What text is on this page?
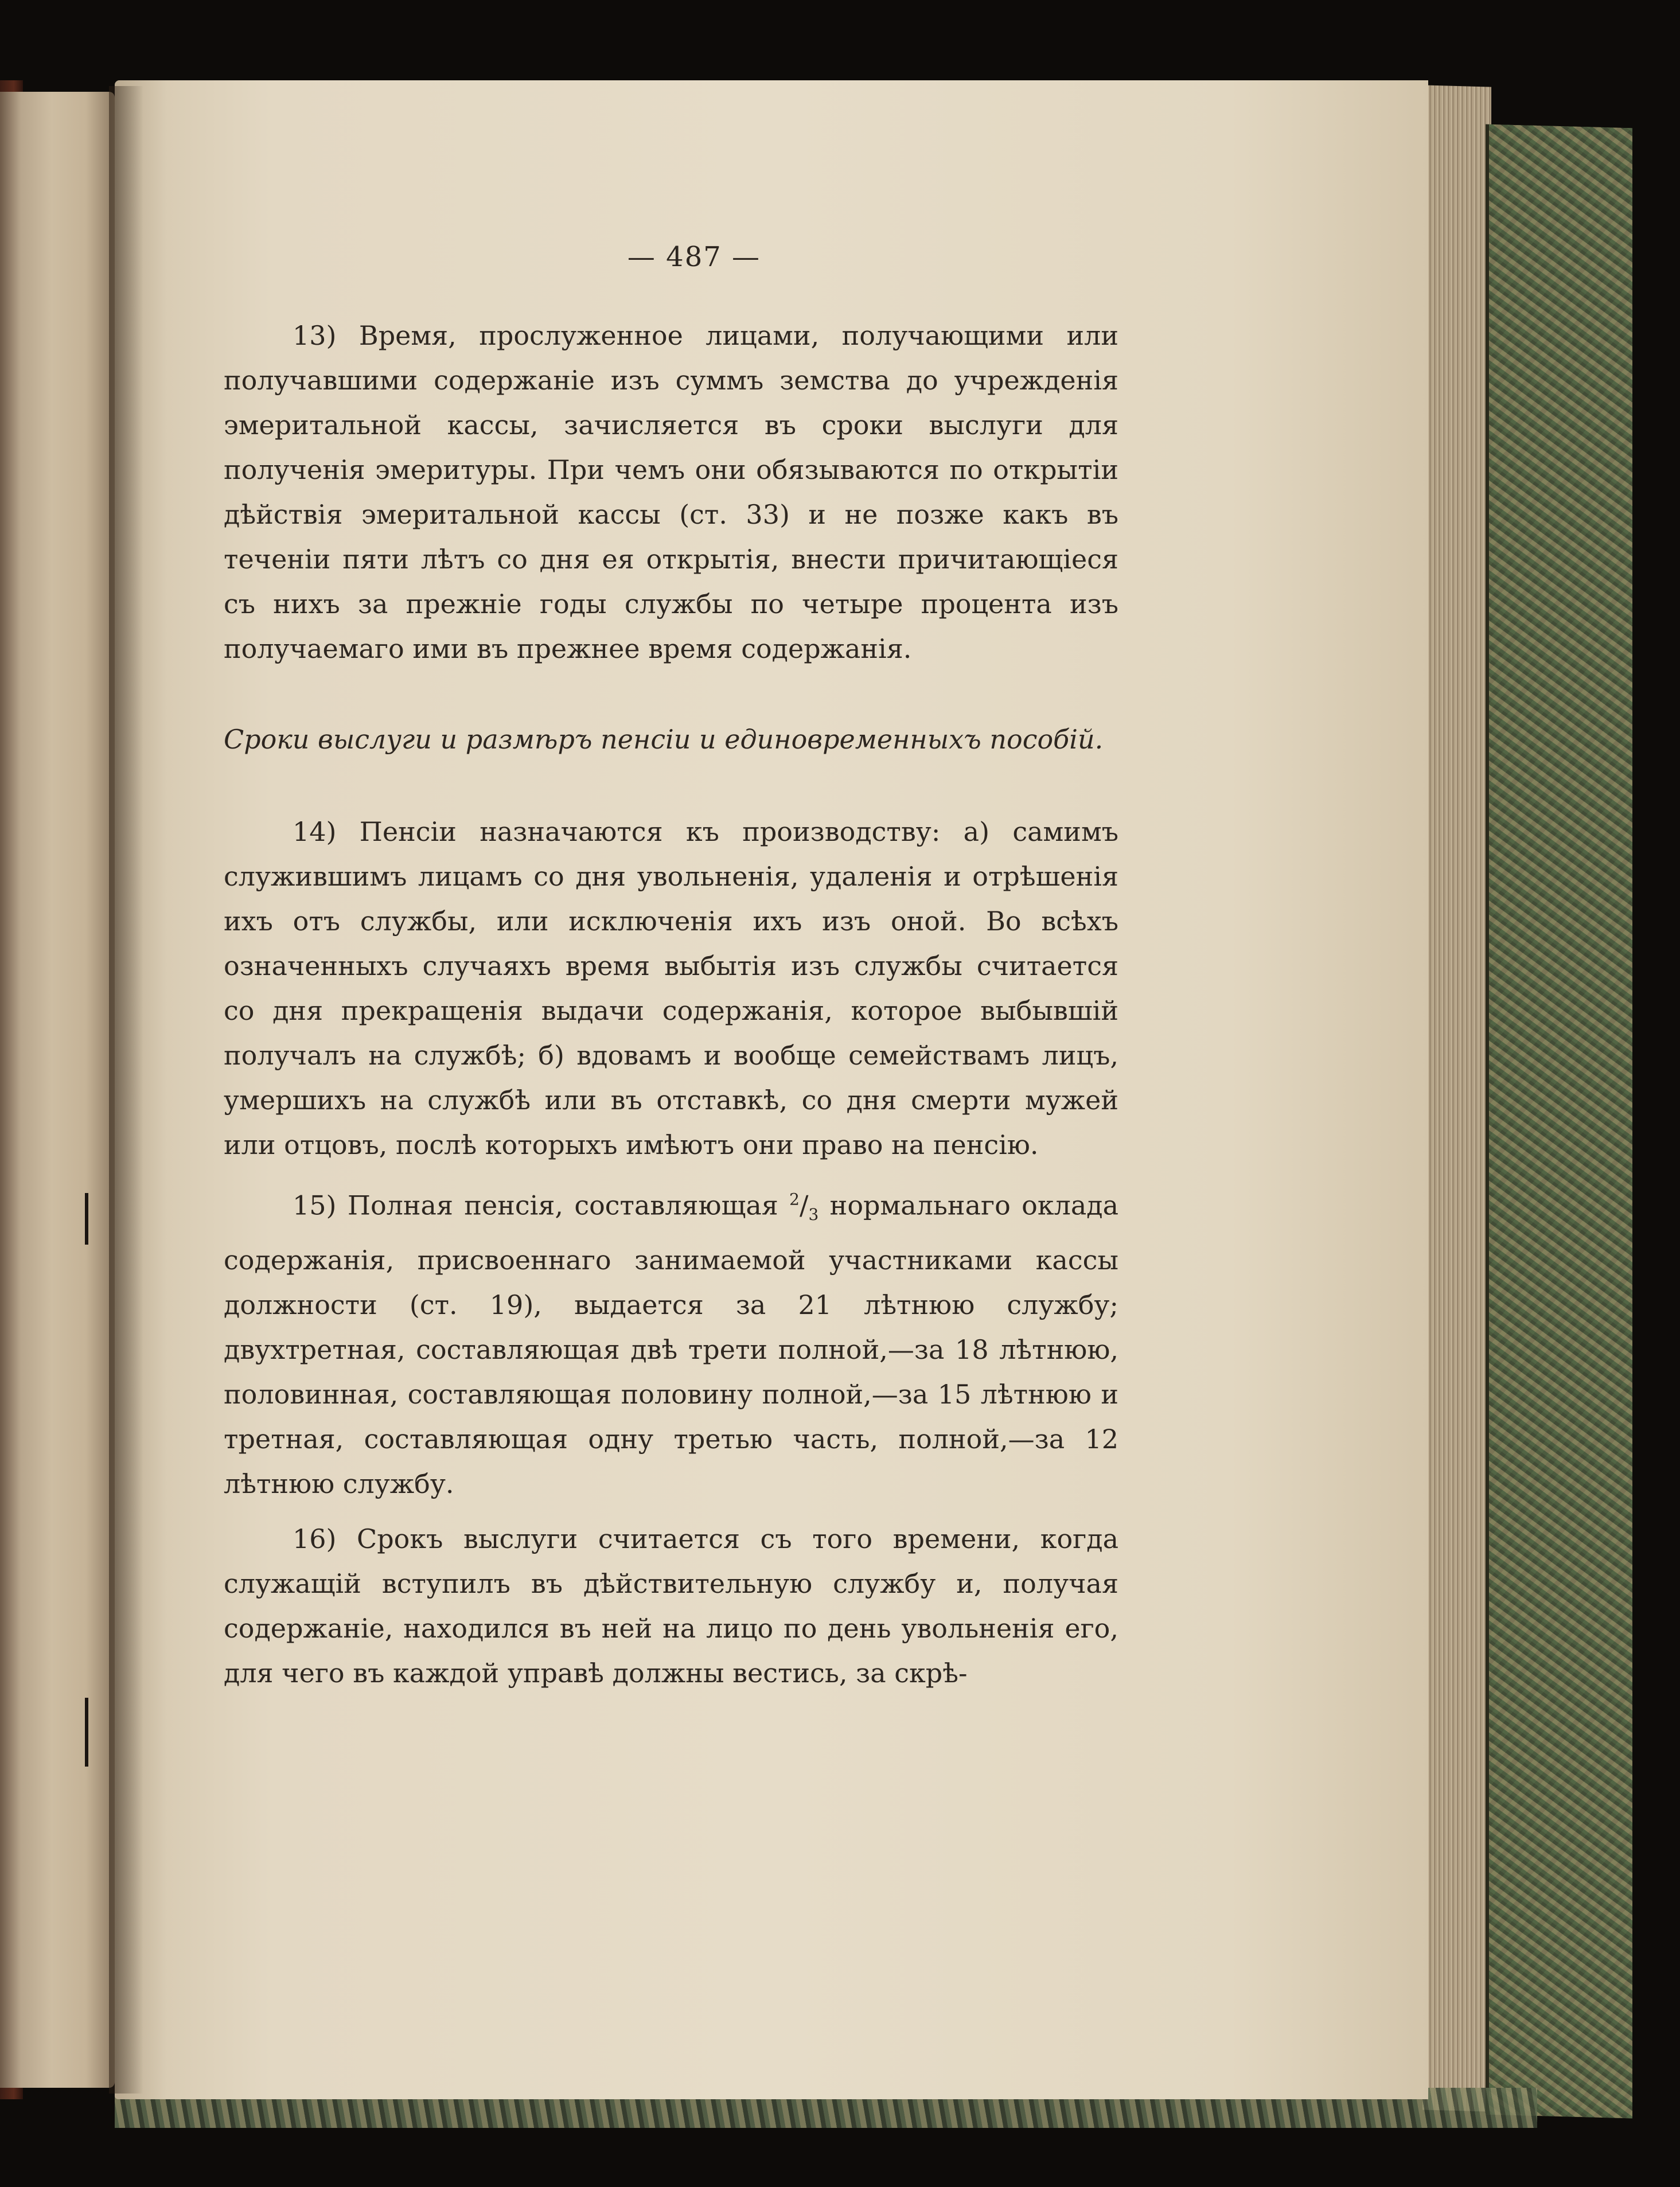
— 487 —

13) Время, прослуженное лицами, получающими или получавшими содержаніе изъ суммъ земства до учрежденія эмеритальной кассы, зачисляется въ сроки выслуги для полученія эмеритуры. При чемъ они обязываются по открытіи дѣйствія эмеритальной кассы (ст. 33) и не позже какъ въ теченіи пяти лѣтъ со дня ея открытія, внести причитающіеся съ нихъ за прежніе годы службы по четыре процента изъ получаемаго ими въ прежнее время содержанія.

Сроки выслуги и размѣръ пенсіи и единовременныхъ пособій.

14) Пенсіи назначаются къ производству: а) самимъ служившимъ лицамъ со дня увольненія, удаленія и отрѣшенія ихъ отъ службы, или исключенія ихъ изъ оной. Во всѣхъ означенныхъ случаяхъ время выбытія изъ службы считается со дня прекращенія выдачи содержанія, которое выбывшій получалъ на службѣ; б) вдовамъ и вообще семействамъ лицъ, умершихъ на службѣ или въ отставкѣ, со дня смерти мужей или отцовъ, послѣ которыхъ имѣютъ они право на пенсію.

15) Полная пенсія, составляющая $^2/_3$ нормальнаго оклада содержанія, присвоеннаго занимаемой участниками кассы должности (ст. 19), выдается за 21 лѣтнюю службу; двухтретная, составляющая двѣ трети полной,—за 18 лѣтнюю, половинная, составляющая половину полной,—за 15 лѣтнюю и третная, составляющая одну третью часть, полной,—за 12 лѣтнюю службу.

16) Срокъ выслуги считается съ того времени, когда служащій вступилъ въ дѣйствительную службу и, получая содержаніе, находился въ ней на лицо по день увольненія его, для чего въ каждой управѣ должны вестись, за скрѣ-
